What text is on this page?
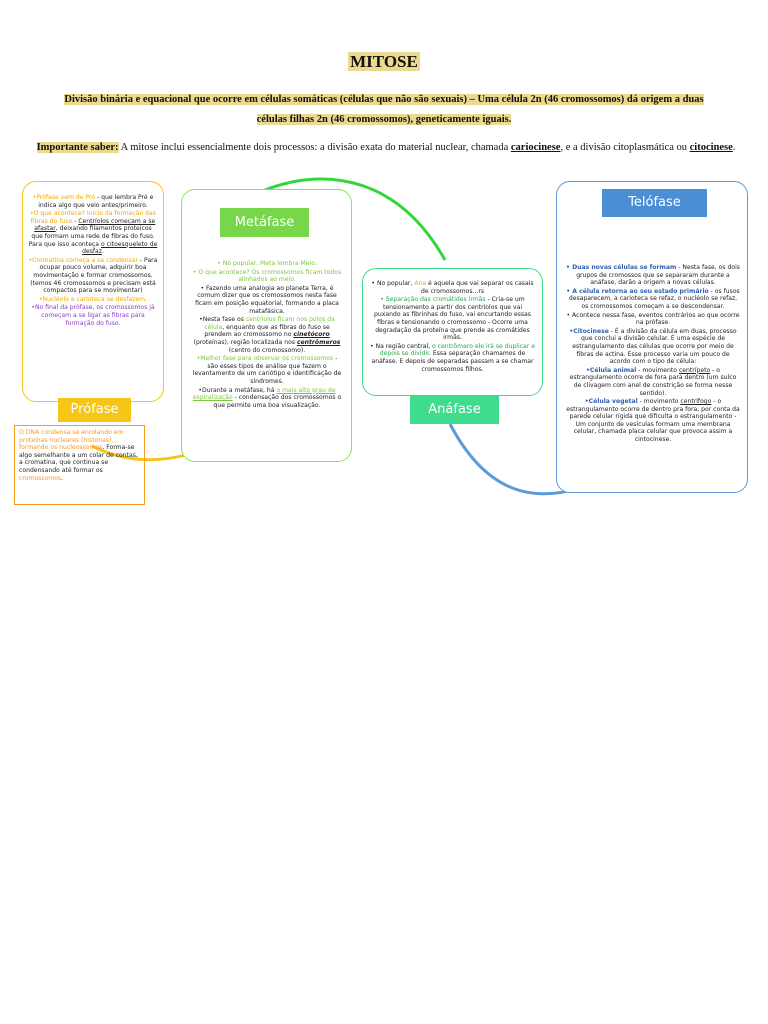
MITOSE
Divisão binária e equacional que ocorre em células somáticas (células que não são sexuais) – Uma célula 2n (46 cromossomos) dá origem a duas
células filhas 2n (46 cromossomos), geneticamente iguais.
Importante saber: A mitose inclui essencialmente dois processos: a divisão exata do material nuclear, chamada cariocinese, e a divisão citoplasmática ou citocinese.

•Prófase vem de Pró - que lembra Pré e indica algo que veio antes/primeiro.

•O que acontece? Início da formação das fibras do fuso - Centríolos começam a se afastar, deixando filamentos proteicos que formam uma rede de fibras do fuso. Para que isso aconteça o citoesqueleto de desfaz.

•Cromatina começa a se condensar - Para ocupar pouco volume, adquirir boa movimentação e formar cromossomos. (temos 46 cromossomos e precisam está compactos para se movimentar)

•Nucléolo e carioteca se desfazem.

•No final da prófase, os cromossomos já começam a se ligar as fibras para formação do fuso.

Prófase
O DNA condensa se enrolando em proteínas nucleares (histonas), formando os nucleossomos. Forma-se algo semelhante a um colar de contas, a cromatina, que continua se condensando até formar os cromossomos.
Metáfase

• No popular, Meta lembra Meio.

• O que acontece? Os cromossomos ficam todos alinhados ao meio.

• Fazendo uma analogia ao planeta Terra, é comum dizer que os cromossomos nesta fase ficam em posição equatorial, formando a placa matafásica.

•Nesta fase os centríolos ficam nos polos da célula, enquanto que as fibras do fuso se prendem ao cromossomo no cinetócoro (proteínas), região localizada nos centrômeros (centro do cromossomo).

•Melhor fase para observar os cromossomos - são esses tipos de análise que fazem o levantamento de um cariótipo e identificação de síndromes.

•Durante a metáfase, há o mais alto grau de espiralização - condensação dos cromossomos o que permite uma boa visualização.

• No popular, Ana é aquela que vai separar os casais de cromossomos...rs

• Separação das cromátides irmãs - Cria-se um tensionamento a partir dos centríolos que vai puxando as fibrinhas do fuso, vai encurtando essas fibras e tensionando o cromossomo - Ocorre uma degradação da proteína que prende as cromátides irmãs.

• Na região central, o centrômero ele irá se duplicar e depois se dividir. Essa separação chamamos de anáfase. E depois de separadas passam a se chamar cromossomos filhos.

Anáfase
Telófase

• Duas novas células se formam - Nesta fase, os dois grupos de cromossos que se separaram durante a anáfase, darão a origem a novas células.

• A célula retorna ao seu estado primário - os fusos desaparecem, a carioteca se refaz, o nucléolo se refaz, os cromossomos começam a se descondensar.

• Acontece nessa fase, eventos contrários ao que ocorre na prófase.

•Citocinese - É a divisão da célula em duas, processo que conclui a divisão celular. É uma espécie de estrangulamento das células que ocorre por meio de fibras de actina. Esse processo varia um pouco de acordo com o tipo de célula:

•Célula animal - movimento centrípeto - o estrangulamento ocorre de fora para dentro (um sulco de clivagem com anel de constrição se forma nesse sentido).

•Célula vegetal - movimento centrífogo - o estrangulamento ocorre de dentro pra fora, por conta da parede celular rígida que dificulta o estrangulamento - Um conjunto de vesículas formam uma membrana celular, chamada placa celular que provoca assim a cintocinese.
